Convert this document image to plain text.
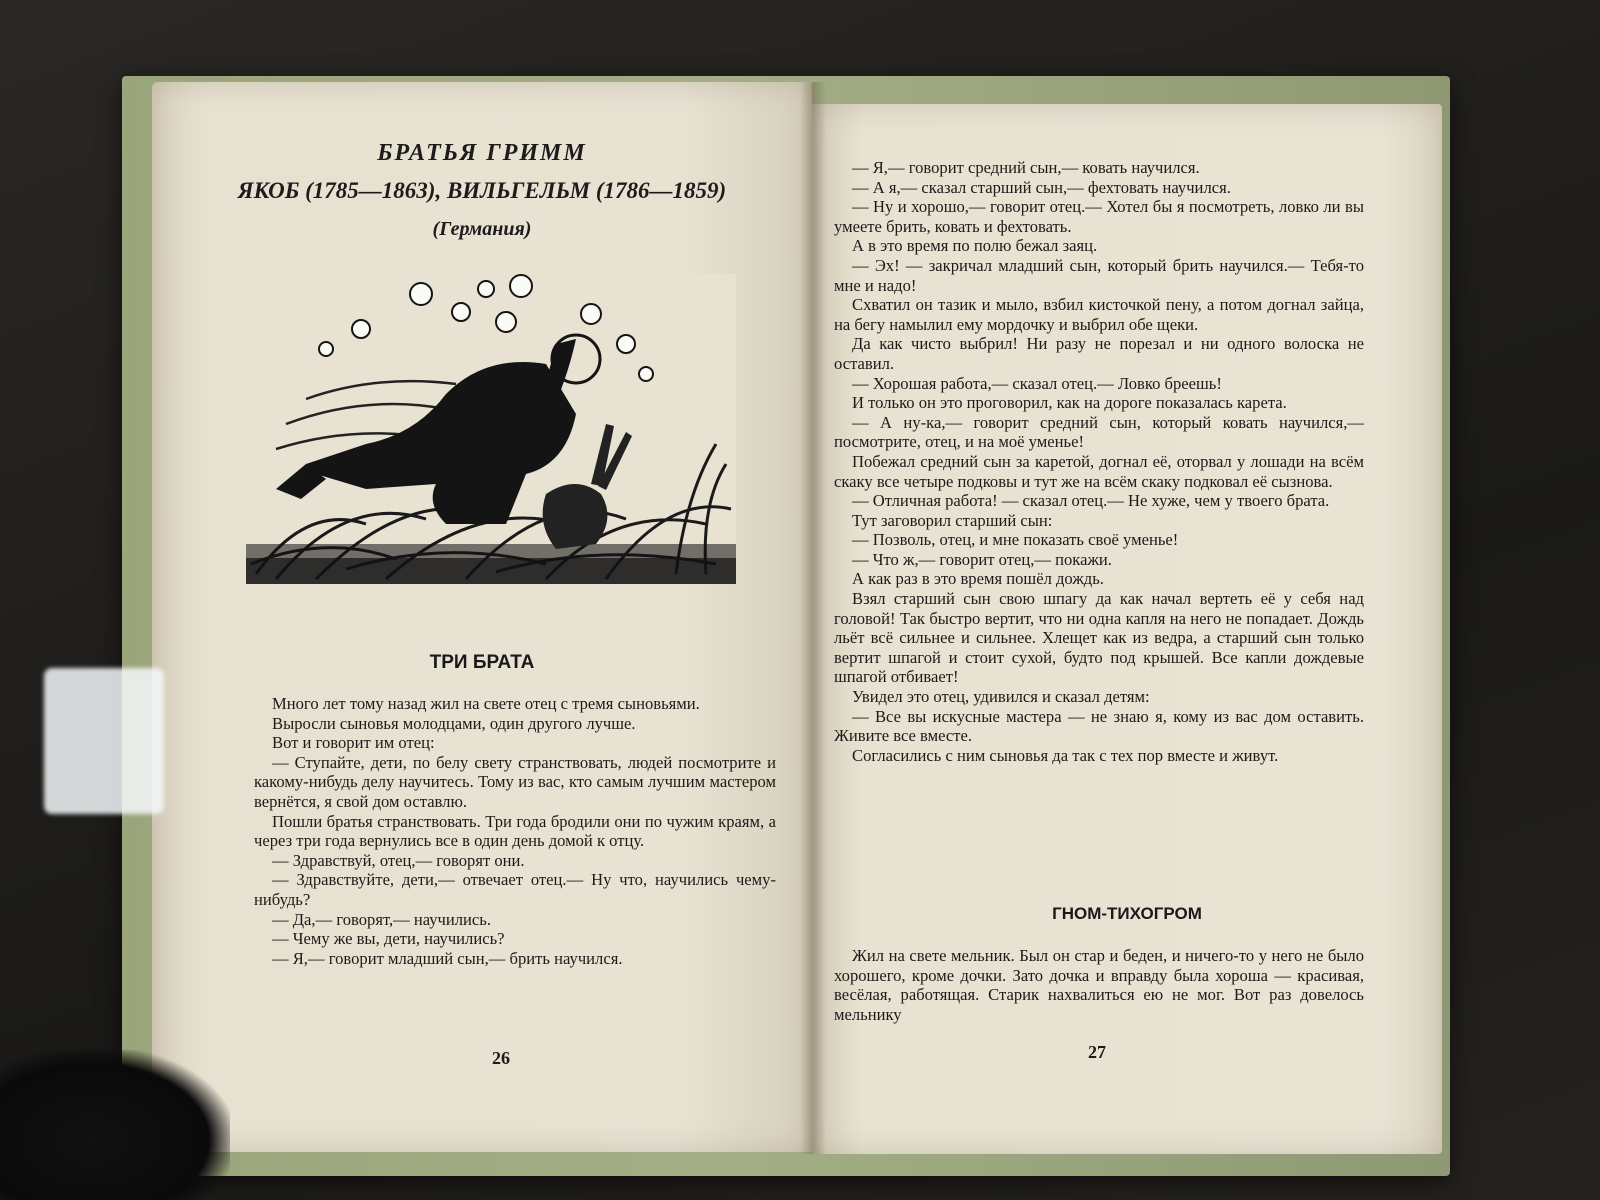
БРАТЬЯ ГРИММ
ЯКОБ (1785—1863), ВИЛЬГЕЛЬМ (1786—1859)
(Германия)
ТРИ БРАТА

Много лет тому назад жил на свете отец с тремя сыновьями.

Выросли сыновья молодцами, один другого лучше.

Вот и говорит им отец:

— Ступайте, дети, по белу свету странствовать, людей посмотрите и какому-нибудь делу научитесь. Тому из вас, кто самым лучшим мастером вернётся, я свой дом оставлю.

Пошли братья странствовать. Три года бродили они по чужим краям, а через три года вернулись все в один день домой к отцу.

— Здравствуй, отец,— говорят они.

— Здравствуйте, дети,— отвечает отец.— Ну что, научились чему-нибудь?

— Да,— говорят,— научились.

— Чему же вы, дети, научились?

— Я,— говорит младший сын,— брить научился.

26

— Я,— говорит средний сын,— ковать научился.

— А я,— сказал старший сын,— фехтовать научился.

— Ну и хорошо,— говорит отец.— Хотел бы я посмотреть, ловко ли вы умеете брить, ковать и фехтовать.

А в это время по полю бежал заяц.

— Эх! — закричал младший сын, который брить научился.— Тебя-то мне и надо!

Схватил он тазик и мыло, взбил кисточкой пену, а потом догнал зайца, на бегу намылил ему мордочку и выбрил обе щеки.

Да как чисто выбрил! Ни разу не порезал и ни одного волоска не оставил.

— Хорошая работа,— сказал отец.— Ловко бреешь!

И только он это проговорил, как на дороге показалась карета.

— А ну-ка,— говорит средний сын, который ковать научился,— посмотрите, отец, и на моё уменье!

Побежал средний сын за каретой, догнал её, оторвал у лошади на всём скаку все четыре подковы и тут же на всём скаку подковал её сызнова.

— Отличная работа! — сказал отец.— Не хуже, чем у твоего брата.

Тут заговорил старший сын:

— Позволь, отец, и мне показать своё уменье!

— Что ж,— говорит отец,— покажи.

А как раз в это время пошёл дождь.

Взял старший сын свою шпагу да как начал вертеть её у себя над головой! Так быстро вертит, что ни одна капля на него не попадает. Дождь льёт всё сильнее и сильнее. Хлещет как из ведра, а старший сын только вертит шпагой и стоит сухой, будто под крышей. Все капли дождевые шпагой отбивает!

Увидел это отец, удивился и сказал детям:

— Все вы искусные мастера — не знаю я, кому из вас дом оставить. Живите все вместе.

Согласились с ним сыновья да так с тех пор вместе и живут.

ГНОМ-ТИХОГРОМ

Жил на свете мельник. Был он стар и беден, и ничего-то у него не было хорошего, кроме дочки. Зато дочка и вправду была хороша — красивая, весёлая, работящая. Старик нахвалиться ею не мог. Вот раз довелось мельнику

27
